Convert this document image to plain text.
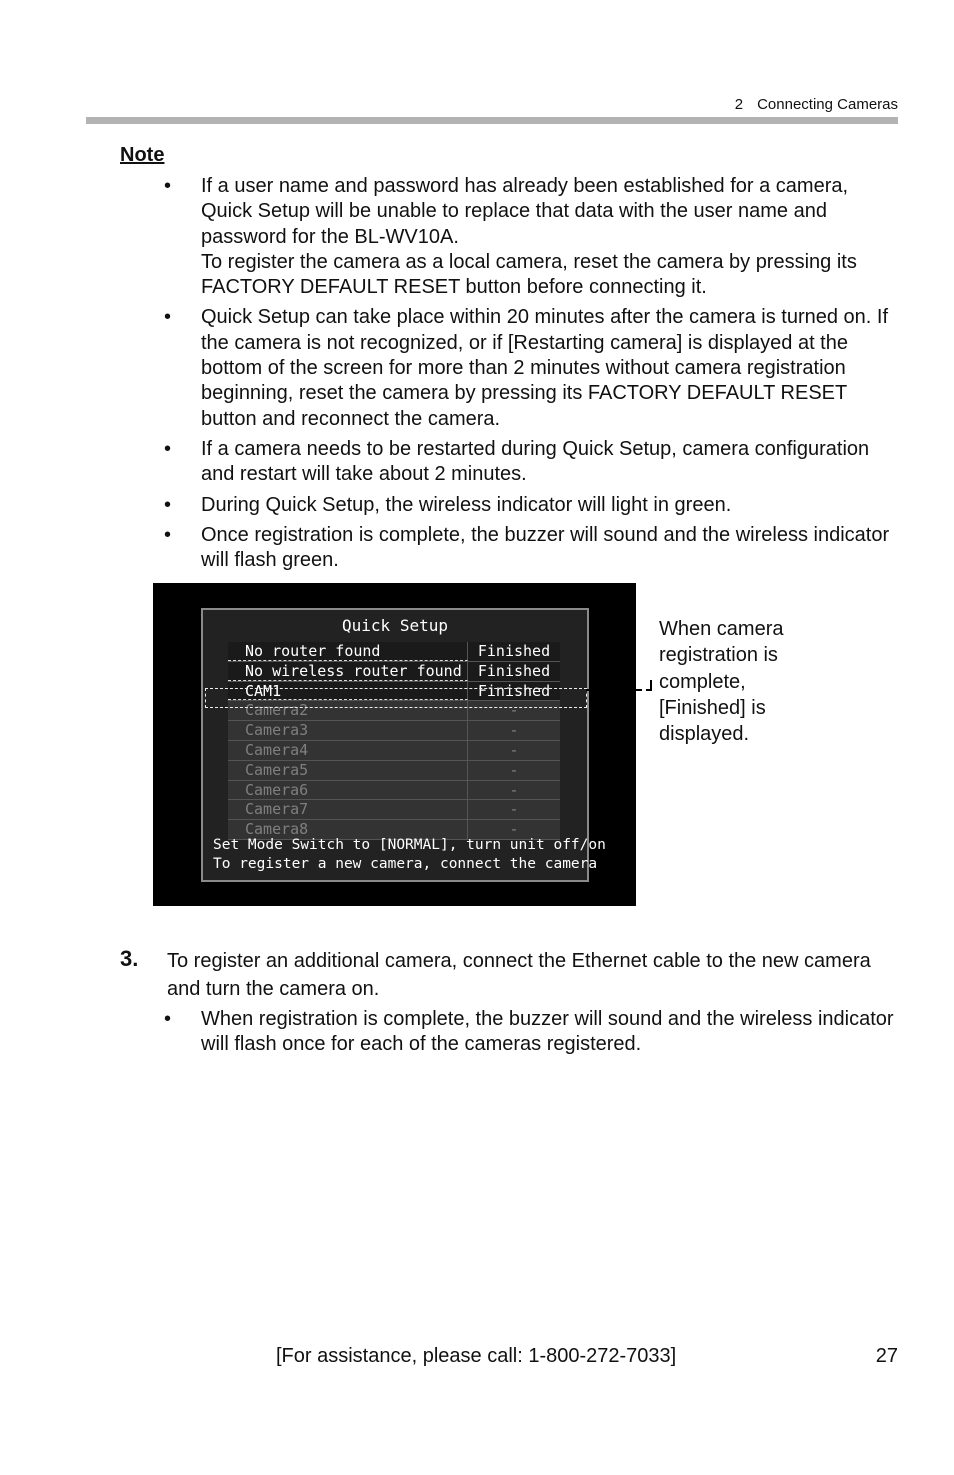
2 Connecting Cameras
Note
• If a user name and password has already been established for a camera, Quick Setup will be unable to replace that data with the user name and password for the BL-WV10A.
To register the camera as a local camera, reset the camera by pressing its FACTORY DEFAULT RESET button before connecting it.
• Quick Setup can take place within 20 minutes after the camera is turned on. If the camera is not recognized, or if [Restarting camera] is displayed at the bottom of the screen for more than 2 minutes without camera registration beginning, reset the camera by pressing its FACTORY DEFAULT RESET button and reconnect the camera.
• If a camera needs to be restarted during Quick Setup, camera configuration and restart will take about 2 minutes.
• During Quick Setup, the wireless indicator will light in green.
• Once registration is complete, the buzzer will sound and the wireless indicator will flash green.
Quick Setup
No router found	Finished
No wireless router found	Finished
CAM1	Finished
Camera2	-
Camera3	-
Camera4	-
Camera5	-
Camera6	-
Camera7	-
Camera8	-
Set Mode Switch to [NORMAL], turn unit off/on
To register a new camera, connect the camera
When camera registration is complete, [Finished] is displayed.
3. To register an additional camera, connect the Ethernet cable to the new camera and turn the camera on.
• When registration is complete, the buzzer will sound and the wireless indicator will flash once for each of the cameras registered.
[For assistance, please call: 1-800-272-7033]	27
